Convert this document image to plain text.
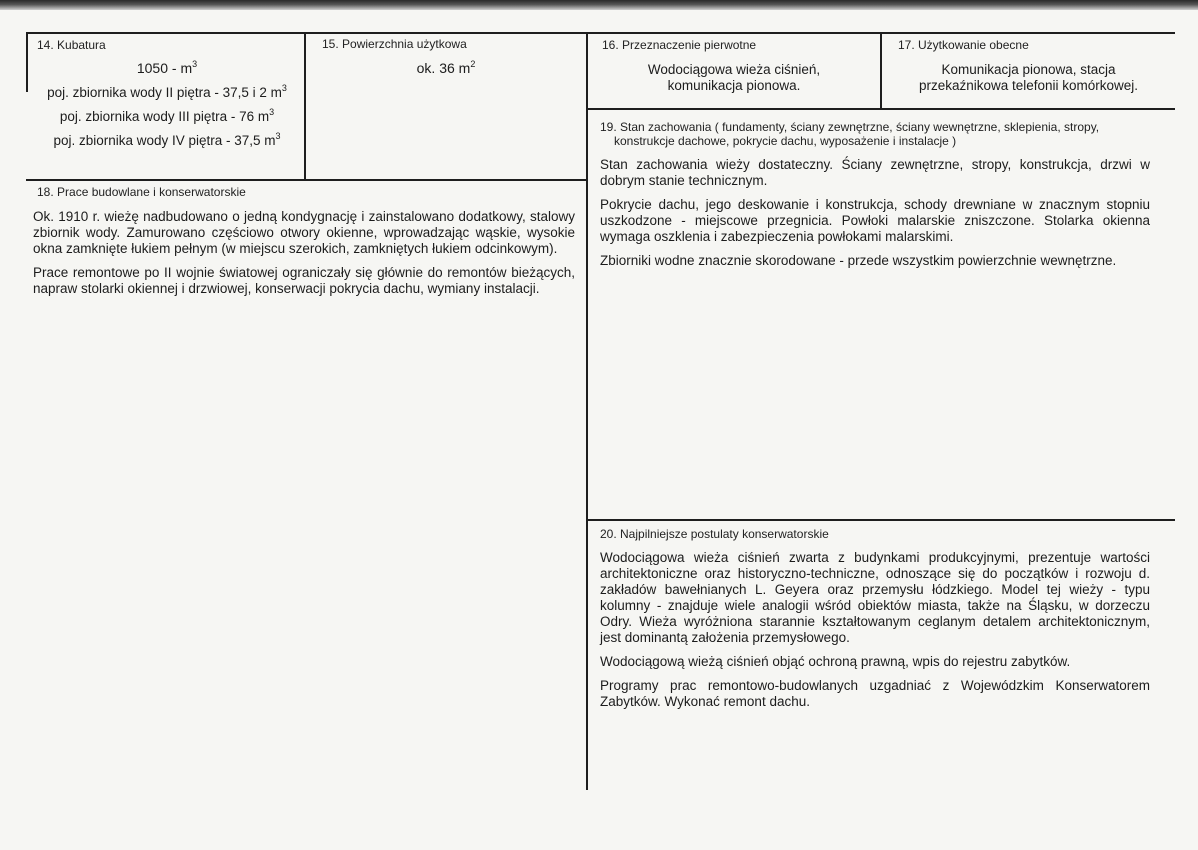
14. Kubatura
$1050 - m^3$
poj. zbiornika wody II piętra - 37,5 i 2 $m^3$
poj. zbiornika wody III piętra - 76 $m^3$
poj. zbiornika wody IV piętra - 37,5 $m^3$
15. Powierzchnia użytkowa
ok. 36 $m^2$
16. Przeznaczenie pierwotne
Wodociągowa wieża ciśnień,
komunikacja pionowa.
17. Użytkowanie obecne
Komunikacja pionowa, stacja
przekaźnikowa telefonii komórkowej.
18. Prace budowlane i konserwatorskie

Ok. 1910 r. wieżę nadbudowano o jedną kondygnację i zainstalowano dodatkowy, stalowy zbiornik wody. Zamurowano częściowo otwory okienne, wprowadzając wąskie, wysokie okna zamknięte łukiem pełnym (w miejscu szerokich, zamkniętych łukiem odcinkowym).

Prace remontowe po II wojnie światowej ograniczały się głównie do remontów bieżących, napraw stolarki okiennej i drzwiowej, konserwacji pokrycia dachu, wymiany instalacji.

19. Stan zachowania ( fundamenty, ściany zewnętrzne, ściany wewnętrzne, sklepienia, stropy,
konstrukcje dachowe, pokrycie dachu, wyposażenie i instalacje )

Stan zachowania wieży dostateczny. Ściany zewnętrzne, stropy, konstrukcja, drzwi w dobrym stanie technicznym.

Pokrycie dachu, jego deskowanie i konstrukcja, schody drewniane w znacznym stopniu uszkodzone - miejscowe przegnicia. Powłoki malarskie zniszczone. Stolarka okienna wymaga oszklenia i zabezpieczenia powłokami malarskimi.

Zbiorniki wodne znacznie skorodowane - przede wszystkim powierzchnie wewnętrzne.

20. Najpilniejsze postulaty konserwatorskie

Wodociągowa wieża ciśnień zwarta z budynkami produkcyjnymi, prezentuje wartości architektoniczne oraz historyczno-techniczne, odnoszące się do początków i rozwoju d. zakładów bawełnianych L. Geyera oraz przemysłu łódzkiego. Model tej wieży - typu kolumny - znajduje wiele analogii wśród obiektów miasta, także na Śląsku, w dorzeczu Odry. Wieża wyróżniona starannie kształtowanym ceglanym detalem architektonicznym, jest dominantą założenia przemysłowego.

Wodociągową wieżą ciśnień objąć ochroną prawną, wpis do rejestru zabytków.

Programy prac remontowo-budowlanych uzgadniać z Wojewódzkim Konserwatorem Zabytków. Wykonać remont dachu.
